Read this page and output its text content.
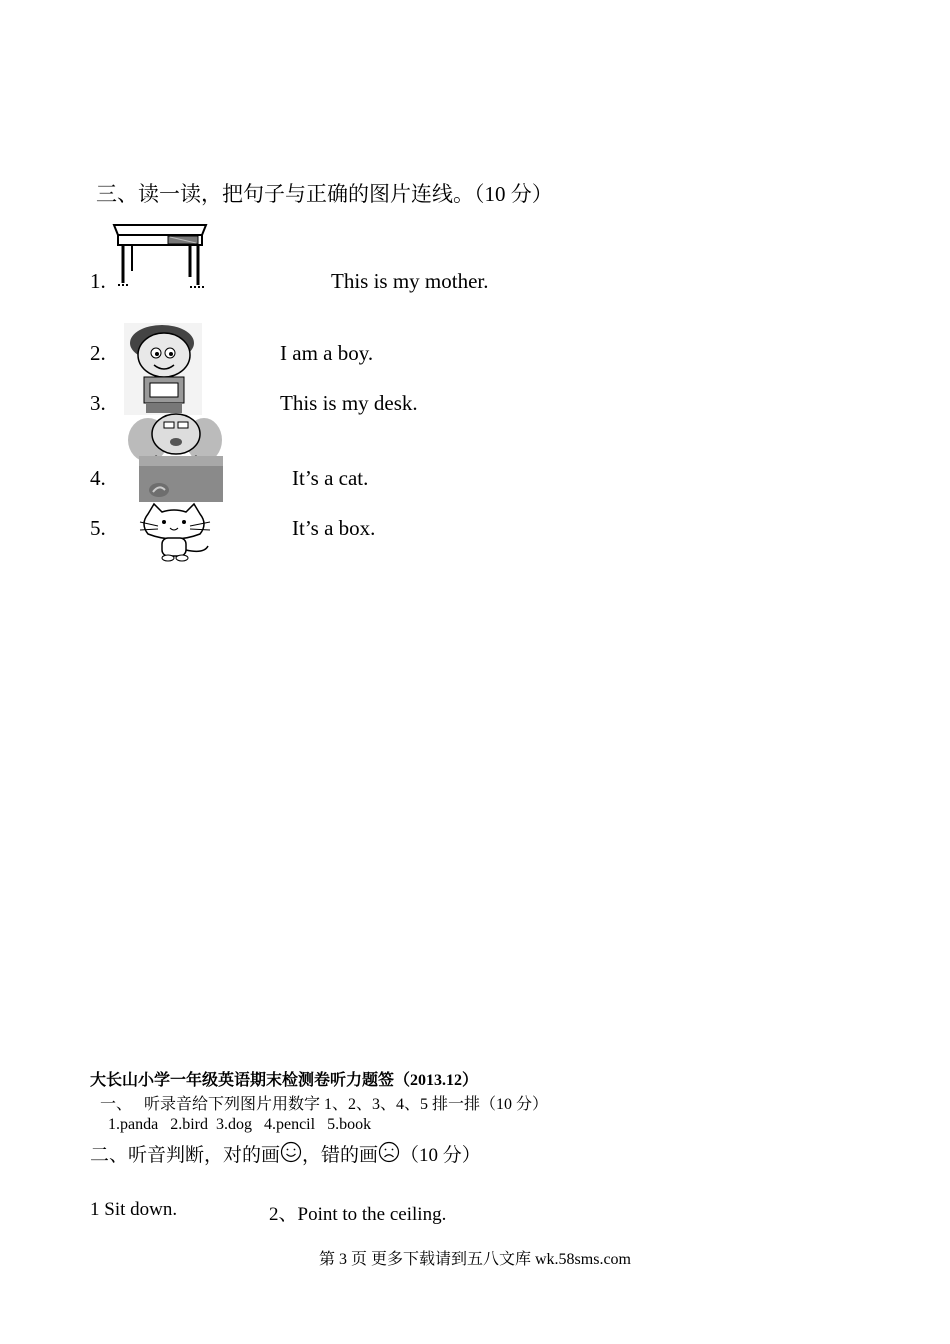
三、读一读，把句子与正确的图片连线。（10 分）
1.	This is my mother.
2.	I am a boy.
3.	This is my desk.
4.	It’s a cat.
5.	It’s a box.
大长山小学一年级英语期末检测卷听力题签（2013.12）
一、　 听录音给下列图片用数字 1、2、3、4、5 排一排（10 分）
1.panda   2.bird  3.dog   4.pencil   5.book
二、听音判断，对的画 ，错的画 （10 分）
1 Sit down.	2、Point to the ceiling.
第 3 页 更多下载请到五八文库 wk.58sms.com
